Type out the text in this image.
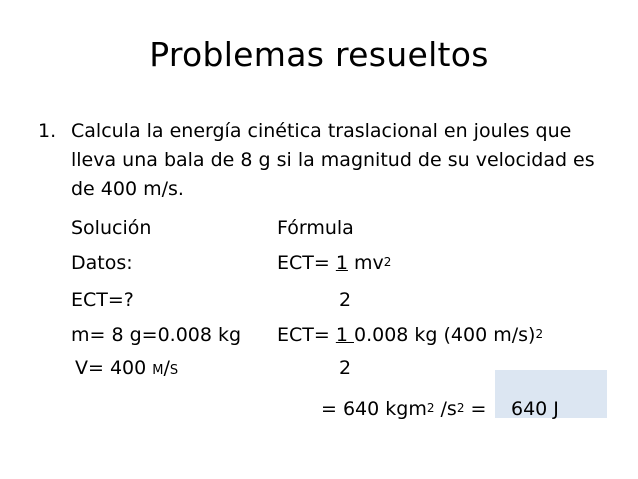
Problemas resueltos
1. Calcula la energía cinética traslacional en joules que lleva una bala de 8 g si la magnitud de su velocidad es de 400 m/s.
Solución
Datos:
ECT=?
m= 8 g=0.008 kg
V= 400 m/s
Fórmula
ECT= 1 $mv^2$
2
ECT= 1 0.008 kg (400 m/s)$^2$
2
= 640 kgm$^2$ $/s^2 = 640$ J
